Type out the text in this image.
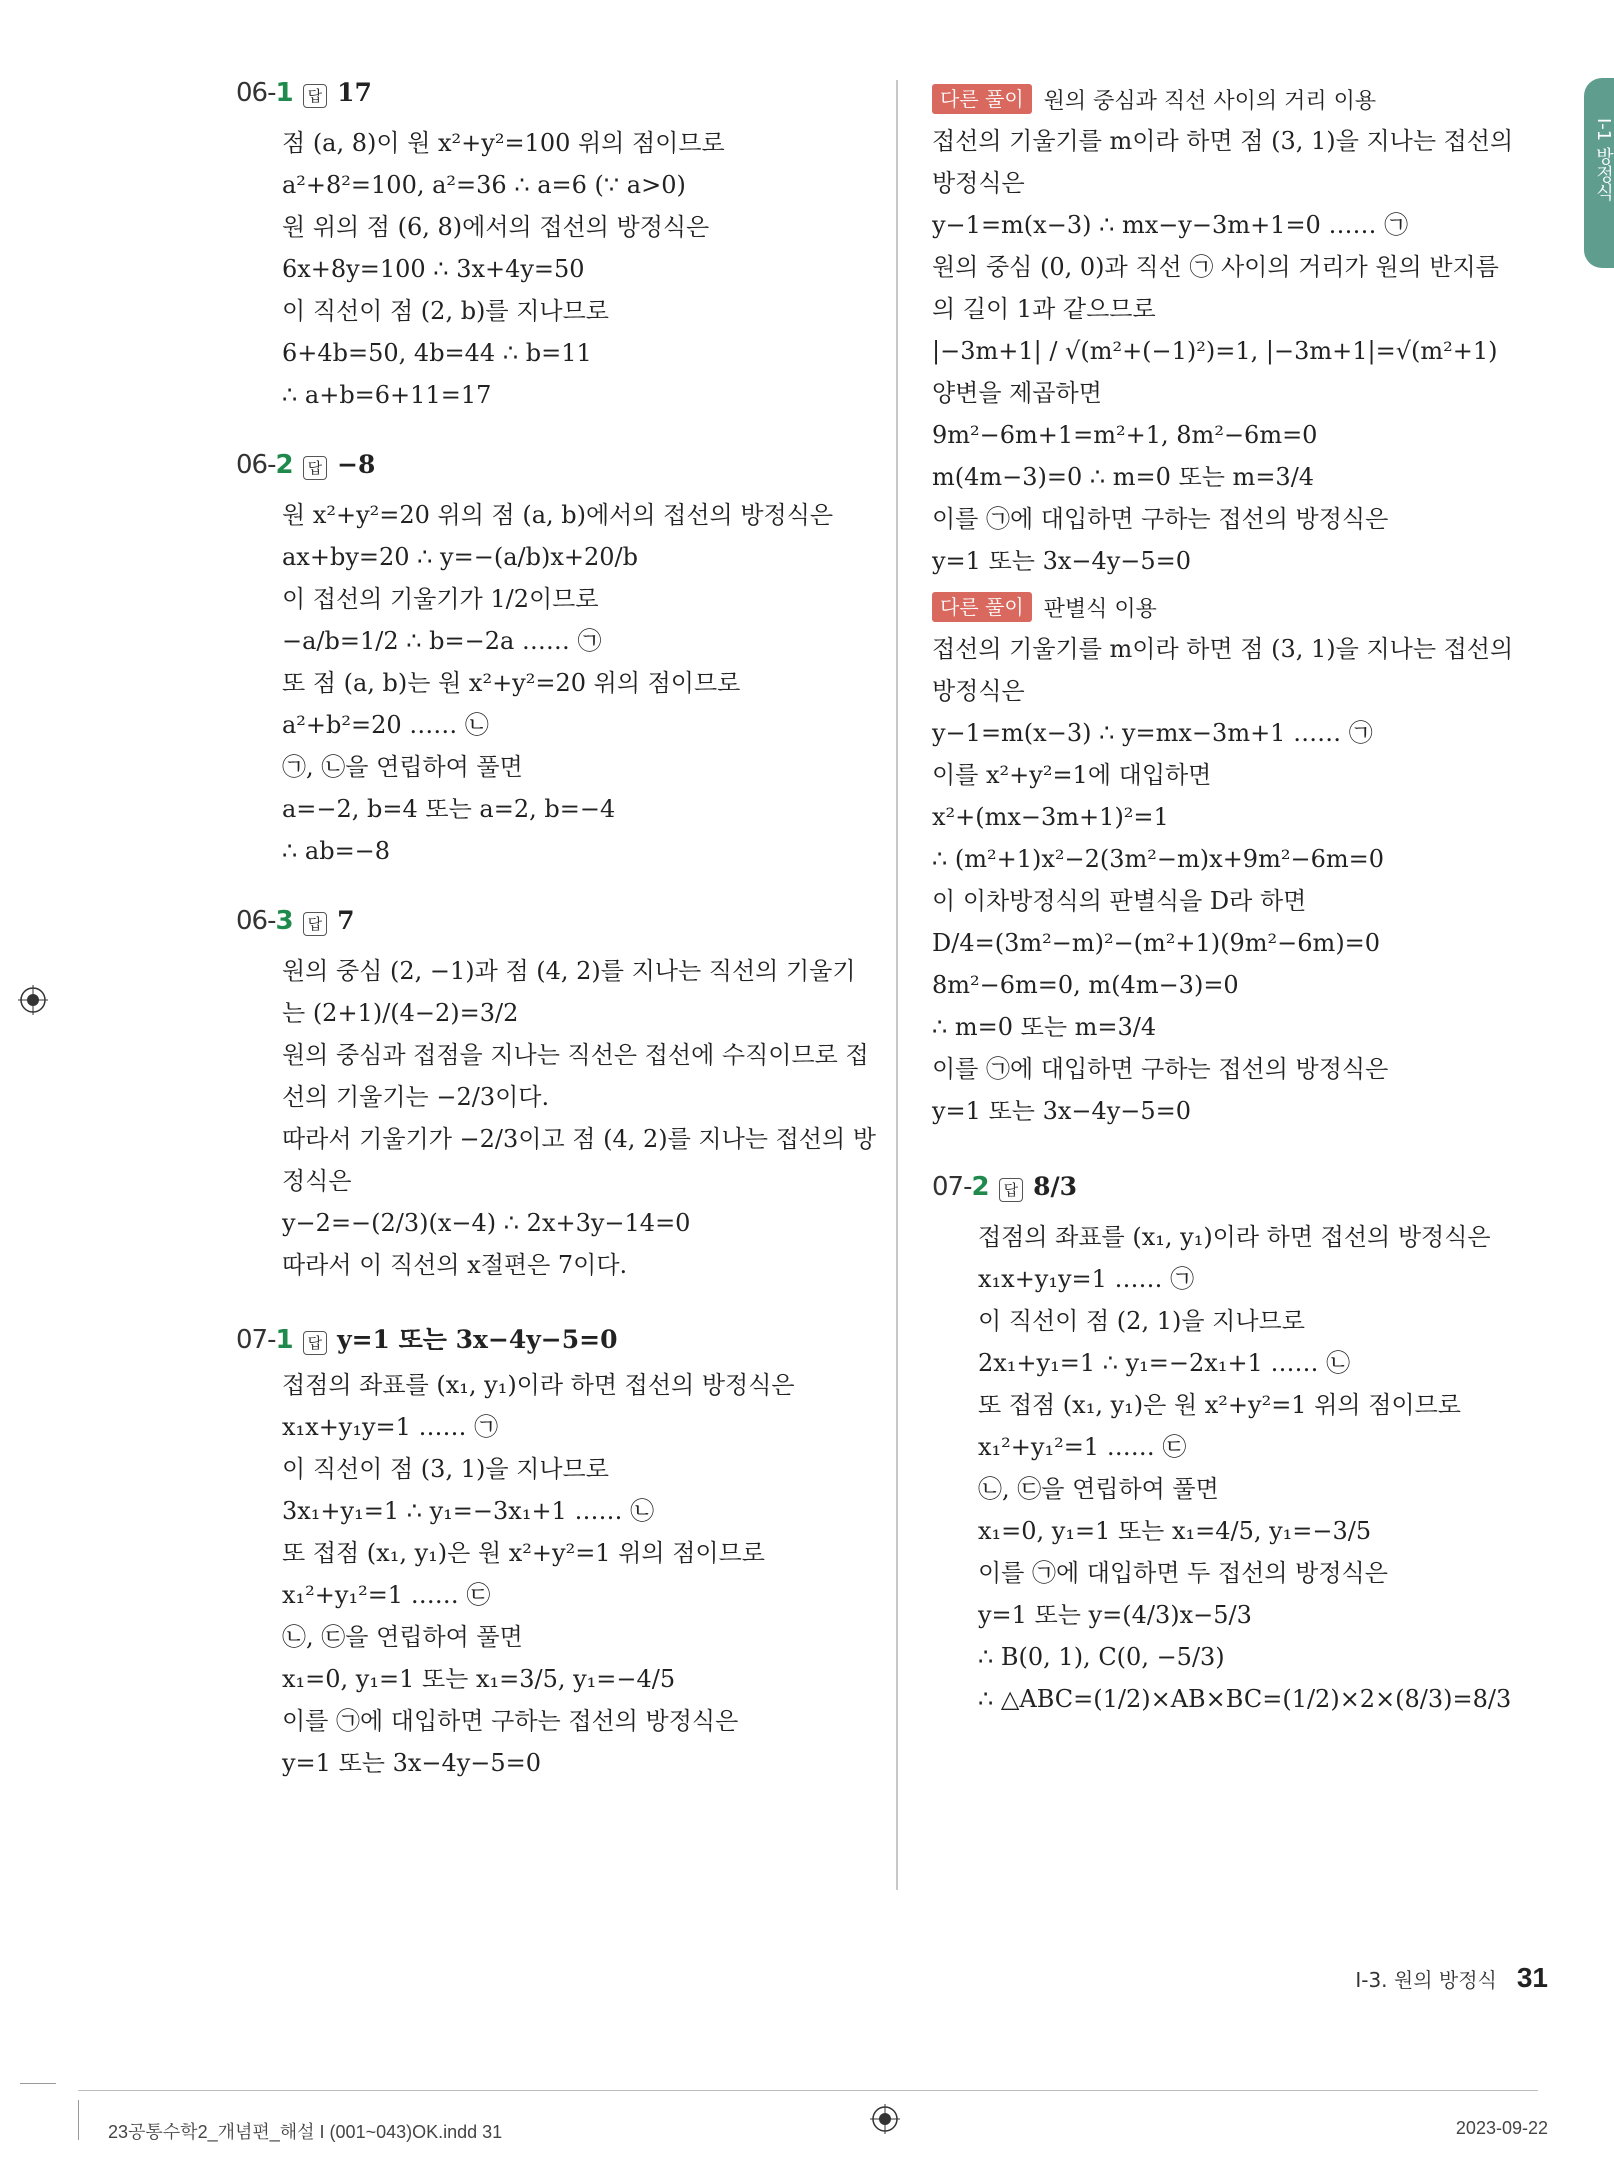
06-1	답 17
점 (a, 8)이 원 x²+y²=100 위의 점이므로
a²+8²=100, a²=36 ∴ a=6 (∵ a>0)
원 위의 점 (6, 8)에서의 접선의 방정식은
6x+8y=100 ∴ 3x+4y=50
이 직선이 점 (2, b)를 지나므로
6+4b=50, 4b=44 ∴ b=11
∴ a+b=6+11=17
06-2	답 −8
원 x²+y²=20 위의 점 (a, b)에서의 접선의 방정식은
ax+by=20 ∴ y=−(a/b)x+20/b
이 접선의 기울기가 1/2이므로
−a/b=1/2 ∴ b=−2a …… ㉠
또 점 (a, b)는 원 x²+y²=20 위의 점이므로
a²+b²=20 …… ㉡
㉠, ㉡을 연립하여 풀면
a=−2, b=4 또는 a=2, b=−4
∴ ab=−8
06-3	답 7
원의 중심 (2, −1)과 점 (4, 2)를 지나는 직선의 기울기
는 (2+1)/(4−2)=3/2
원의 중심과 접점을 지나는 직선은 접선에 수직이므로 접
선의 기울기는 −2/3이다.
따라서 기울기가 −2/3이고 점 (4, 2)를 지나는 접선의 방
정식은
y−2=−(2/3)(x−4) ∴ 2x+3y−14=0
따라서 이 직선의 x절편은 7이다.
07-1	답 y=1 또는 3x−4y−5=0
접점의 좌표를 (x₁, y₁)이라 하면 접선의 방정식은
x₁x+y₁y=1 …… ㉠
이 직선이 점 (3, 1)을 지나므로
3x₁+y₁=1 ∴ y₁=−3x₁+1 …… ㉡
또 접점 (x₁, y₁)은 원 x²+y²=1 위의 점이므로
x₁²+y₁²=1 …… ㉢
㉡, ㉢을 연립하여 풀면
x₁=0, y₁=1 또는 x₁=3/5, y₁=−4/5
이를 ㉠에 대입하면 구하는 접선의 방정식은
y=1 또는 3x−4y−5=0
다른 풀이 원의 중심과 직선 사이의 거리 이용
접선의 기울기를 m이라 하면 점 (3, 1)을 지나는 접선의
방정식은
y−1=m(x−3) ∴ mx−y−3m+1=0 …… ㉠
원의 중심 (0, 0)과 직선 ㉠ 사이의 거리가 원의 반지름
의 길이 1과 같으므로
|−3m+1| / √(m²+(−1)²)=1, |−3m+1|=√(m²+1)
양변을 제곱하면
9m²−6m+1=m²+1, 8m²−6m=0
m(4m−3)=0 ∴ m=0 또는 m=3/4
이를 ㉠에 대입하면 구하는 접선의 방정식은
y=1 또는 3x−4y−5=0
다른 풀이 판별식 이용
접선의 기울기를 m이라 하면 점 (3, 1)을 지나는 접선의
방정식은
y−1=m(x−3) ∴ y=mx−3m+1 …… ㉠
이를 x²+y²=1에 대입하면
x²+(mx−3m+1)²=1
∴ (m²+1)x²−2(3m²−m)x+9m²−6m=0
이 이차방정식의 판별식을 D라 하면
D/4=(3m²−m)²−(m²+1)(9m²−6m)=0
8m²−6m=0, m(4m−3)=0
∴ m=0 또는 m=3/4
이를 ㉠에 대입하면 구하는 접선의 방정식은
y=1 또는 3x−4y−5=0
07-2	답 8/3
접점의 좌표를 (x₁, y₁)이라 하면 접선의 방정식은
x₁x+y₁y=1 …… ㉠
이 직선이 점 (2, 1)을 지나므로
2x₁+y₁=1 ∴ y₁=−2x₁+1 …… ㉡
또 접점 (x₁, y₁)은 원 x²+y²=1 위의 점이므로
x₁²+y₁²=1 …… ㉢
㉡, ㉢을 연립하여 풀면
x₁=0, y₁=1 또는 x₁=4/5, y₁=−3/5
이를 ㉠에 대입하면 두 접선의 방정식은
y=1 또는 y=(4/3)x−5/3
∴ B(0, 1), C(0, −5/3)
∴ △ABC=(1/2)×AB×BC=(1/2)×2×(8/3)=8/3
I-1 방정식
I-3. 원의 방정식 31
23공통수학2_개념편_해설 I (001~043)OK.indd 31	2023-09-22
